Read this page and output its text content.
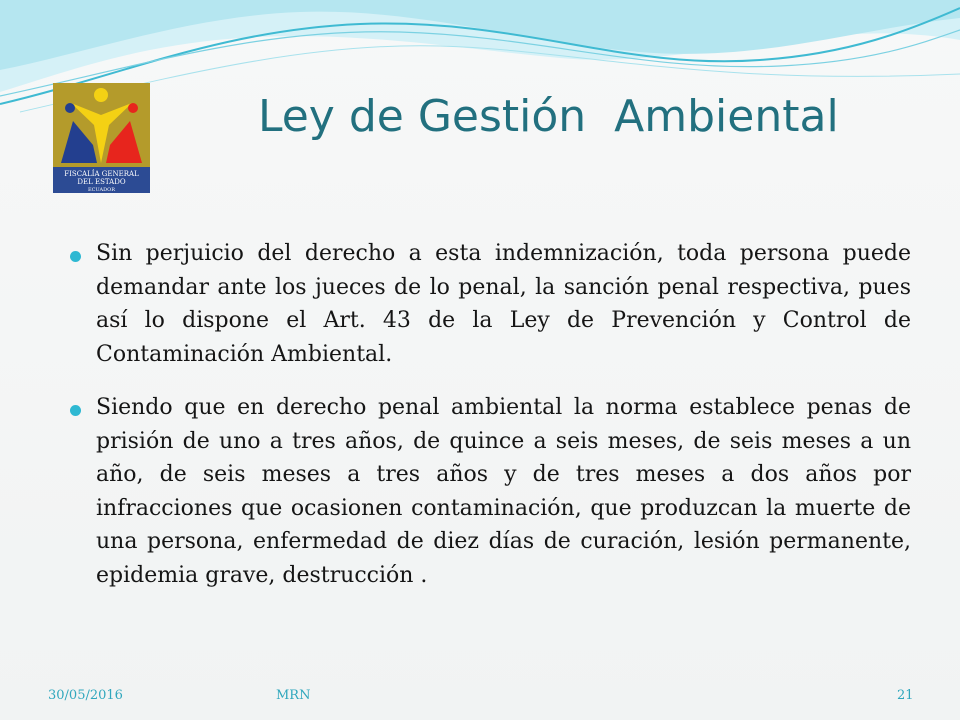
FISCALÍA GENERAL
DEL ESTADO
ECUADOR
Ley de Gestión  Ambiental
Sin perjuicio del derecho a esta indemnización, toda persona puede demandar ante los jueces de lo penal, la sanción penal respectiva, pues así lo dispone el Art. 43 de la Ley de Prevención y Control de Contaminación Ambiental.
Siendo que en derecho penal ambiental la norma establece penas de prisión de uno a tres años, de quince a seis meses, de seis meses a un año, de seis meses a tres años y de tres meses a dos años por infracciones que ocasionen contaminación, que produzcan la muerte de una persona, enfermedad de diez días de curación, lesión permanente, epidemia grave, destrucción .
30/05/2016	MRN	21
